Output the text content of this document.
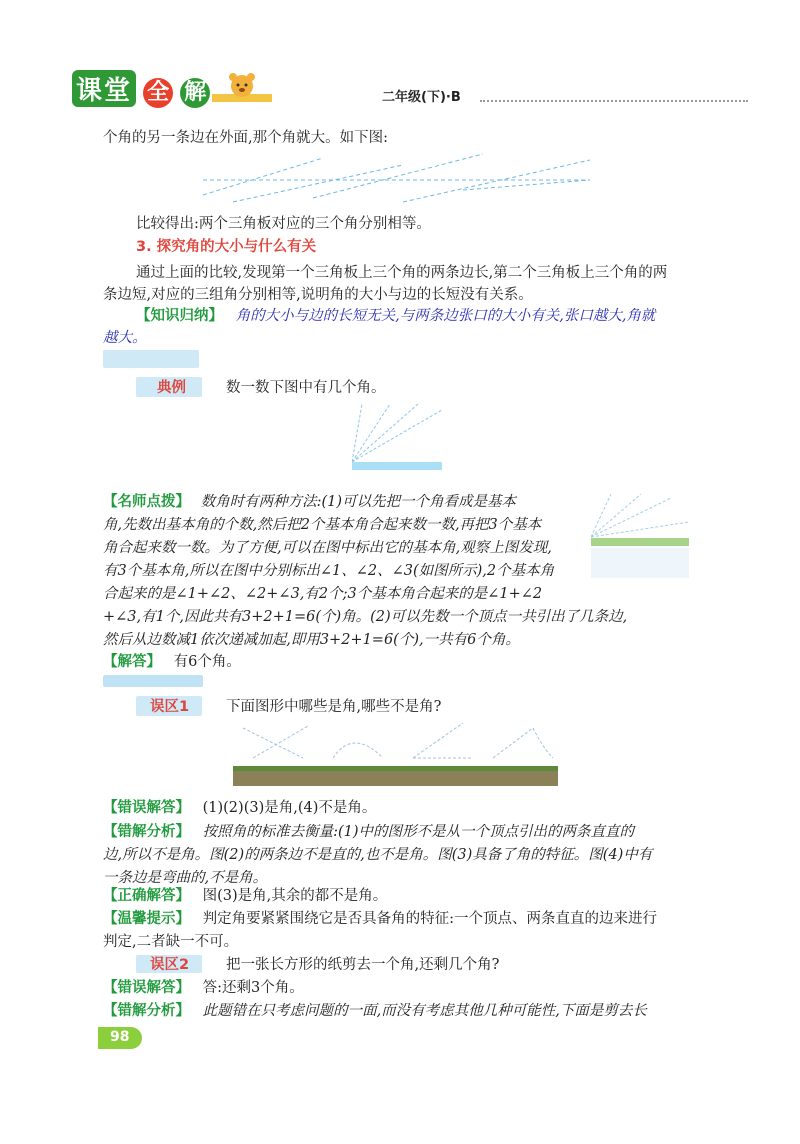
课堂 全 解	二年级(下)·B
个角的另一条边在外面,那个角就大。如下图:
比较得出:两个三角板对应的三个角分别相等。
3. 探究角的大小与什么有关
通过上面的比较,发现第一个三角板上三个角的两条边长,第二个三角板上三个角的两
条边短,对应的三组角分别相等,说明角的大小与边的长短没有关系。
【知识归纳】 角的大小与边的长短无关,与两条边张口的大小有关,张口越大,角就
越大。
典例	数一数下图中有几个角。
【名师点拨】 数角时有两种方法:(1)可以先把一个角看成是基本
角,先数出基本角的个数,然后把2个基本角合起来数一数,再把3个基本
角合起来数一数。为了方便,可以在图中标出它的基本角,观察上图发现,
有3个基本角,所以在图中分别标出∠1、∠2、∠3(如图所示),2个基本角
合起来的是∠1+∠2、∠2+∠3,有2个;3个基本角合起来的是∠1+∠2
+∠3,有1个,因此共有3+2+1=6(个)角。(2)可以先数一个顶点一共引出了几条边,
然后从边数减1依次递减加起,即用3+2+1=6(个),一共有6个角。
【解答】 有6个角。
误区1	下面图形中哪些是角,哪些不是角?
【错误解答】 (1)(2)(3)是角,(4)不是角。
【错解分析】 按照角的标准去衡量:(1)中的图形不是从一个顶点引出的两条直直的
边,所以不是角。图(2)的两条边不是直的,也不是角。图(3)具备了角的特征。图(4)中有
一条边是弯曲的,不是角。
【正确解答】 图(3)是角,其余的都不是角。
【温馨提示】 判定角要紧紧围绕它是否具备角的特征:一个顶点、两条直直的边来进行
判定,二者缺一不可。
误区2	把一张长方形的纸剪去一个角,还剩几个角?
【错误解答】 答:还剩3个角。
【错解分析】 此题错在只考虑问题的一面,而没有考虑其他几种可能性,下面是剪去长
98
